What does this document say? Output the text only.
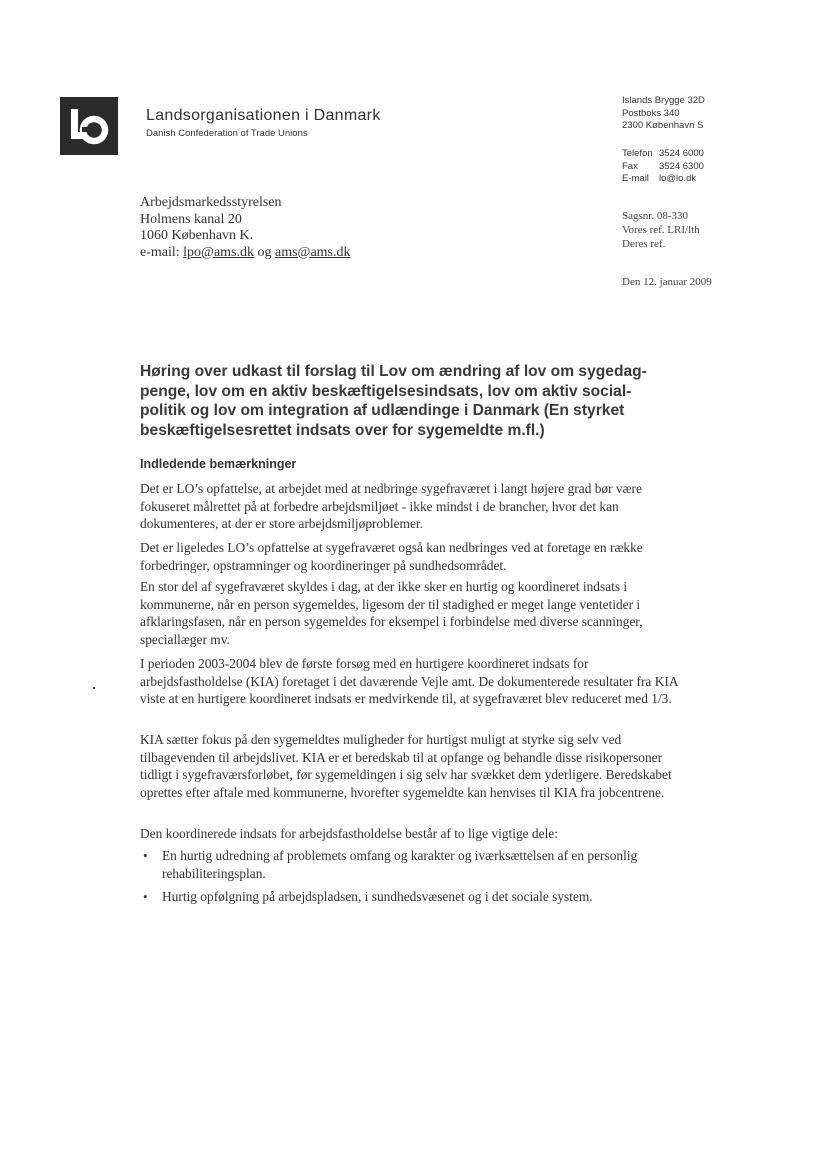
Landsorganisationen i Danmark
Danish Confederation of Trade Unions
Islands Brygge 32D
Postboks 340
2300 København S
Telefon 3524 6000
Fax 3524 6300
E-mail lo@lo.dk
Arbejdsmarkedsstyrelsen
Holmens kanal 20
1060 København K.
e-mail: lpo@ams.dk og ams@ams.dk
Sagsnr. 08-330
Vores ref. LRI/lth
Deres ref.
Den 12. januar 2009
Høring over udkast til forslag til Lov om ændring af lov om sygedag-
penge, lov om en aktiv beskæftigelsesindsats, lov om aktiv social-
politik og lov om integration af udlændinge i Danmark (En styrket
beskæftigelsesrettet indsats over for sygemeldte m.fl.)
Indledende bemærkninger
Det er LO’s opfattelse, at arbejdet med at nedbringe sygefraværet i langt højere grad bør være fokuseret målrettet på at forbedre arbejdsmiljøet - ikke mindst i de brancher, hvor det kan dokumenteres, at der er store arbejdsmiljøproblemer.
Det er ligeledes LO’s opfattelse at sygefraværet også kan nedbringes ved at foretage en række forbedringer, opstramninger og koordineringer på sundhedsområdet.
En stor del af sygefraværet skyldes i dag, at der ikke sker en hurtig og koordineret indsats i kommunerne, når en person sygemeldes, ligesom der til stadighed er meget lange ventetider i afklaringsfasen, når en person sygemeldes for eksempel i forbindelse med diverse scanninger, speciallæger mv.
I perioden 2003-2004 blev de første forsøg med en hurtigere koordineret indsats for arbejdsfastholdelse (KIA) foretaget i det daværende Vejle amt. De dokumenterede resultater fra KIA viste at en hurtigere koordineret indsats er medvirkende til, at sygefraværet blev reduceret med 1/3.
KIA sætter fokus på den sygemeldtes muligheder for hurtigst muligt at styrke sig selv ved tilbagevenden til arbejdslivet. KIA er et beredskab til at opfange og behandle disse risikopersoner tidligt i sygefraværsforløbet, før sygemeldingen i sig selv har svækket dem yderligere. Beredskabet oprettes efter aftale med kommunerne, hvorefter sygemeldte kan henvises til KIA fra jobcentrene.
Den koordinerede indsats for arbejdsfastholdelse består af to lige vigtige dele:
• En hurtig udredning af problemets omfang og karakter og iværksættelsen af en personlig rehabiliteringsplan.
• Hurtig opfølgning på arbejdspladsen, i sundhedsvæsenet og i det sociale system.
